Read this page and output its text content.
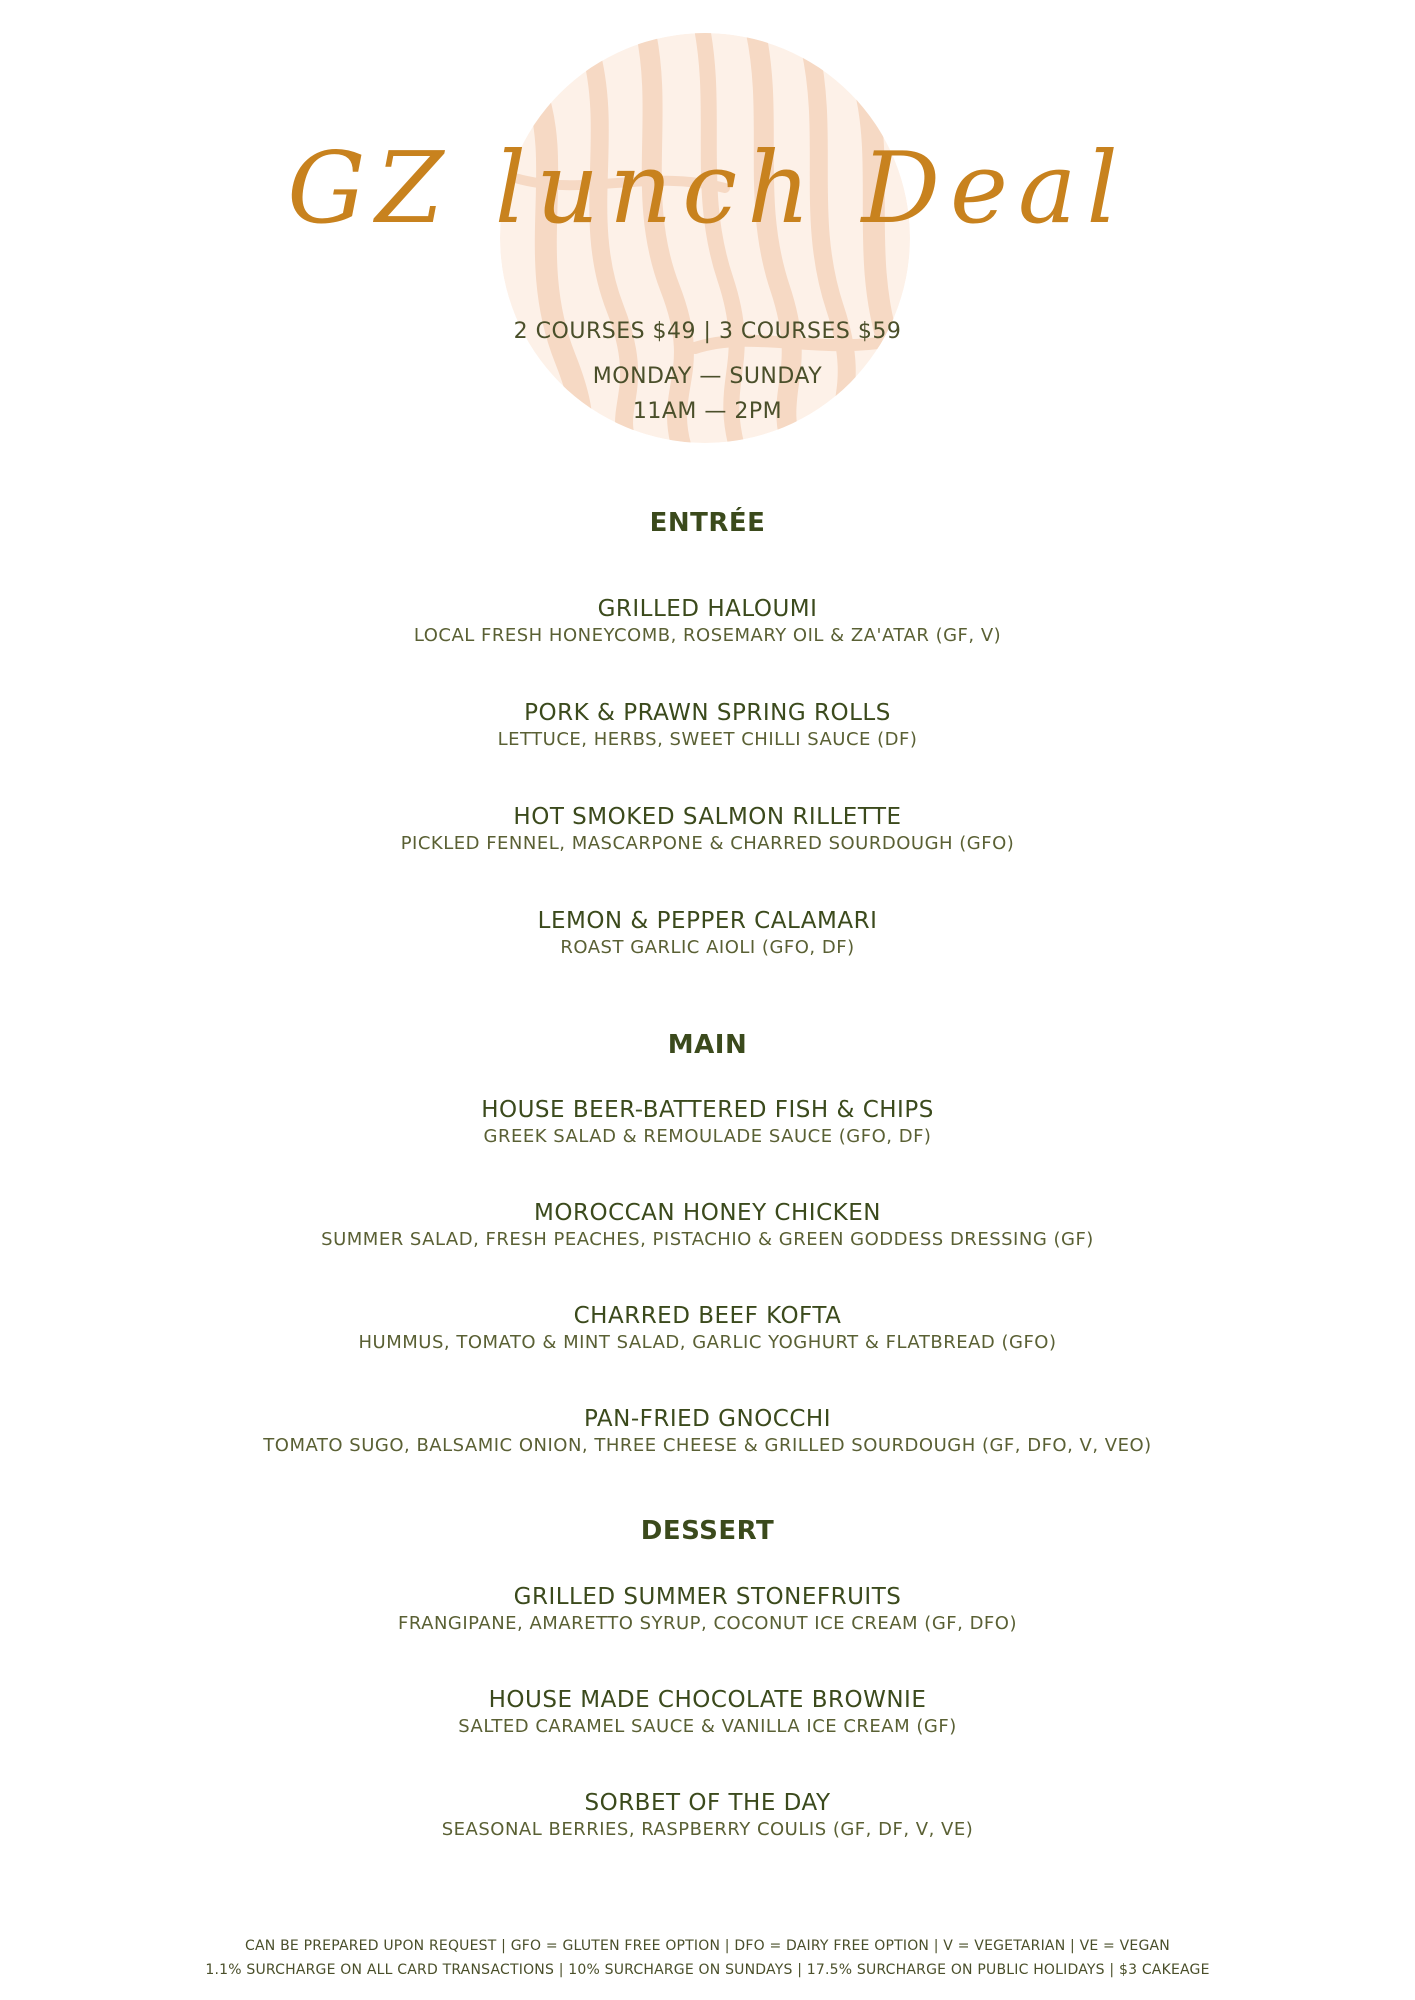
GZ lunch Deal
2 COURSES $49 | 3 COURSES $59
MONDAY — SUNDAY
11AM — 2PM
ENTRÉE
GRILLED HALOUMI
LOCAL FRESH HONEYCOMB, ROSEMARY OIL & ZA'ATAR (GF, V)
PORK & PRAWN SPRING ROLLS
LETTUCE, HERBS, SWEET CHILLI SAUCE (DF)
HOT SMOKED SALMON RILLETTE
PICKLED FENNEL, MASCARPONE & CHARRED SOURDOUGH (GFO)
LEMON & PEPPER CALAMARI
ROAST GARLIC AIOLI (GFO, DF)
MAIN
HOUSE BEER-BATTERED FISH & CHIPS
GREEK SALAD & REMOULADE SAUCE (GFO, DF)
MOROCCAN HONEY CHICKEN
SUMMER SALAD, FRESH PEACHES, PISTACHIO & GREEN GODDESS DRESSING (GF)
CHARRED BEEF KOFTA
HUMMUS, TOMATO & MINT SALAD, GARLIC YOGHURT & FLATBREAD (GFO)
PAN-FRIED GNOCCHI
TOMATO SUGO, BALSAMIC ONION, THREE CHEESE & GRILLED SOURDOUGH (GF, DFO, V, VEO)
DESSERT
GRILLED SUMMER STONEFRUITS
FRANGIPANE, AMARETTO SYRUP, COCONUT ICE CREAM (GF, DFO)
HOUSE MADE CHOCOLATE BROWNIE
SALTED CARAMEL SAUCE & VANILLA ICE CREAM (GF)
SORBET OF THE DAY
SEASONAL BERRIES, RASPBERRY COULIS (GF, DF, V, VE)
CAN BE PREPARED UPON REQUEST | GFO = GLUTEN FREE OPTION | DFO = DAIRY FREE OPTION | V = VEGETARIAN | VE = VEGAN
1.1% SURCHARGE ON ALL CARD TRANSACTIONS | 10% SURCHARGE ON SUNDAYS | 17.5% SURCHARGE ON PUBLIC HOLIDAYS | $3 CAKEAGE
